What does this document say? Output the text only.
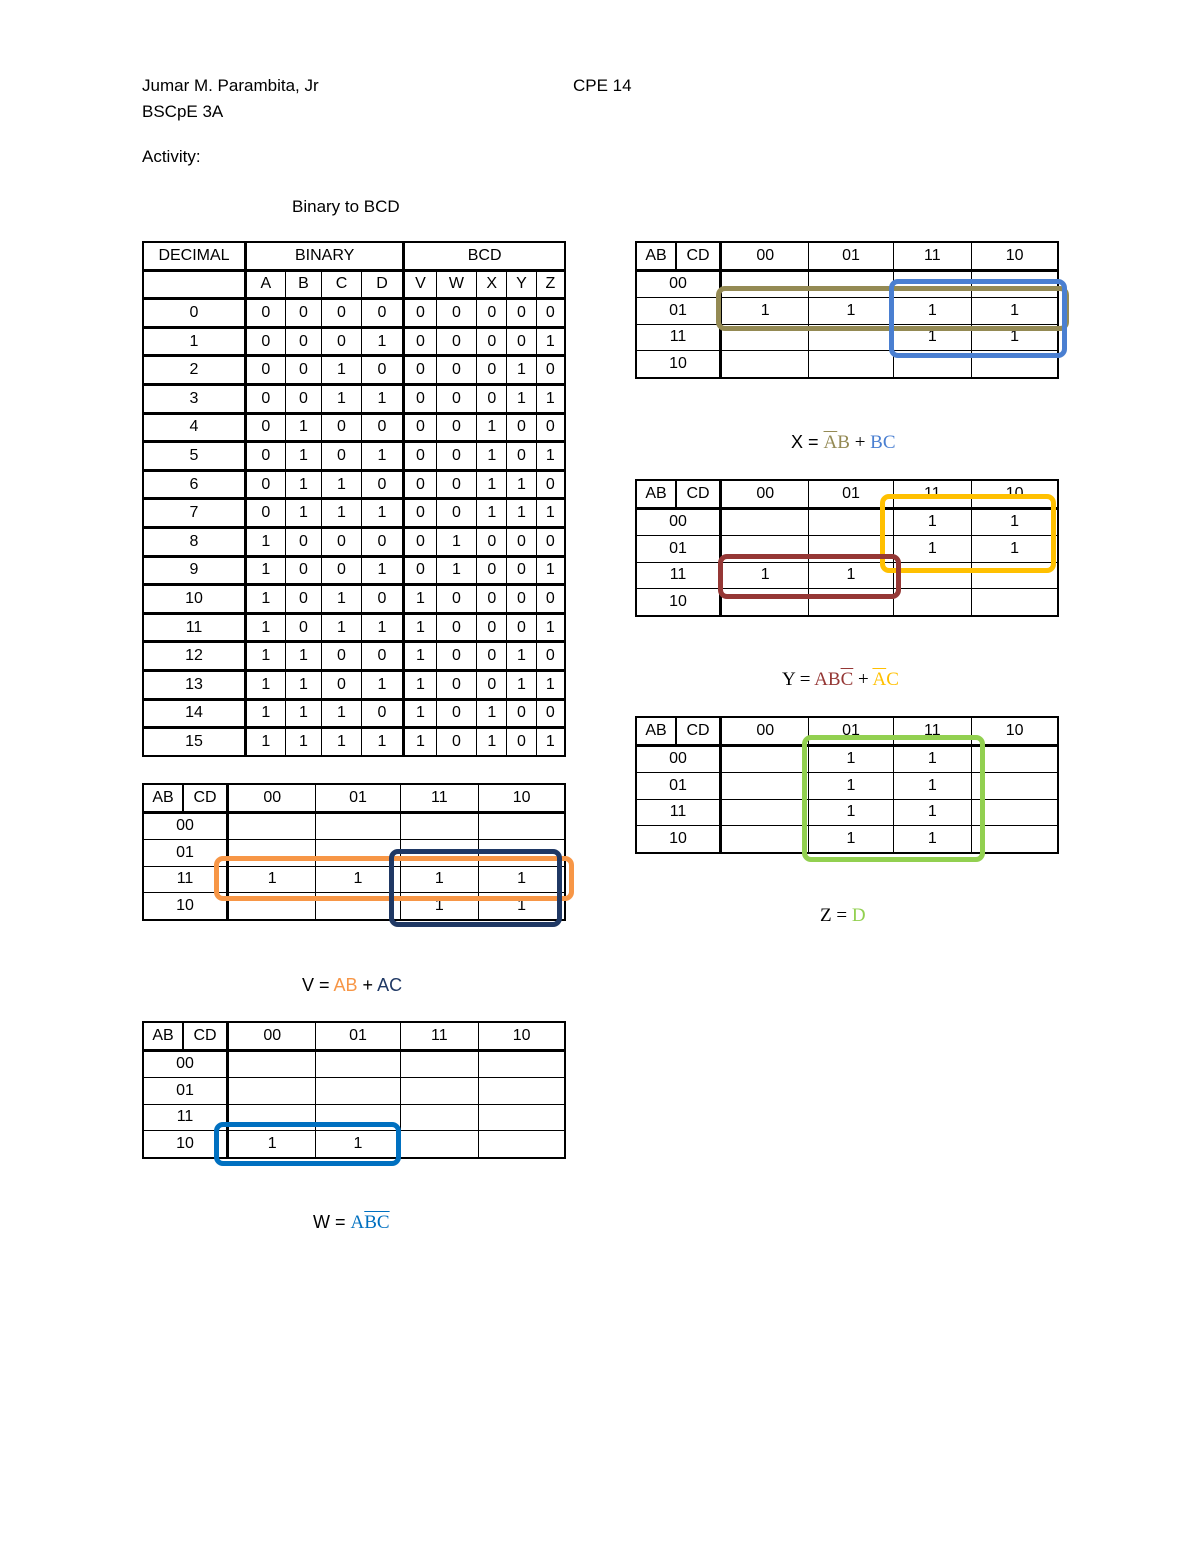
Jumar M. Parambita, Jr	CPE 14
BSCpE 3A
Activity:
Binary to BCD
DECIMAL	BINARY				BCD				
	A	B	C	D	V	W	X	Y	Z
0	0	0	0	0	0	0	0	0	0
1	0	0	0	1	0	0	0	0	1
2	0	0	1	0	0	0	0	1	0
3	0	0	1	1	0	0	0	1	1
4	0	1	0	0	0	0	1	0	0
5	0	1	0	1	0	0	1	0	1
6	0	1	1	0	0	0	1	1	0
7	0	1	1	1	0	0	1	1	1
8	1	0	0	0	0	1	0	0	0
9	1	0	0	1	0	1	0	0	1
10	1	0	1	0	1	0	0	0	0
11	1	0	1	1	1	0	0	0	1
12	1	1	0	0	1	0	0	1	0
13	1	1	0	1	1	0	0	1	1
14	1	1	1	0	1	0	1	0	0
15	1	1	1	1	1	0	1	0	1
AB	CD	00	01	11	10
00					
01					
11		1	1	1	1
10				1	1
V = AB + AC
AB	CD	00	01	11	10
00					
01					
11					
10		1	1		
$W = A\overline{BC}$
AB	CD	00	01	11	10
00					
01		1	1	1	1
11				1	1
10					
$X = \overline{A}B$ + BC
AB	CD	00	01	11	10
00				1	1
01				1	1
11		1	1		
10					
$Y = AB\overline{C} + \overline{A}C$
AB	CD	00	01	11	10
00			1	1	
01			1	1	
11			1	1	
10			1	1	
Z = D
